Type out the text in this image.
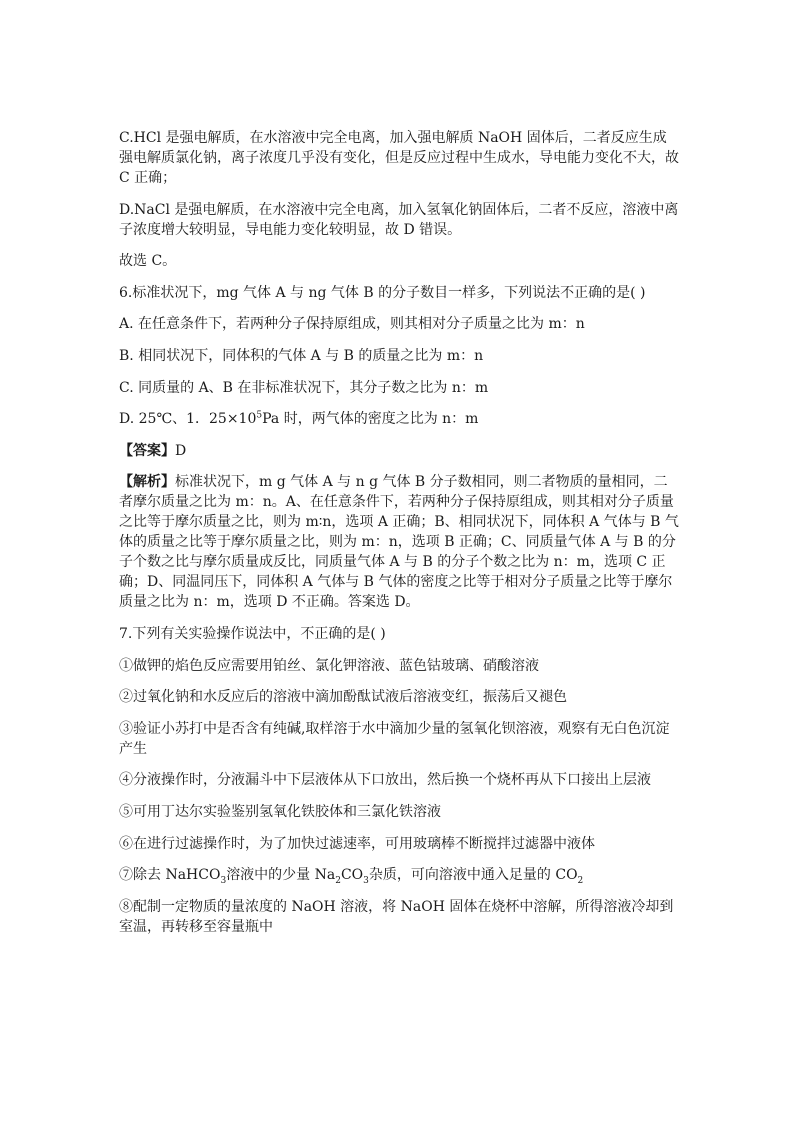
C.HCl 是强电解质，在水溶液中完全电离，加入强电解质 NaOH 固体后，二者反应生成强电解质氯化钠，离子浓度几乎没有变化，但是反应过程中生成水，导电能力变化不大，故 C 正确；

D.NaCl 是强电解质，在水溶液中完全电离，加入氢氧化钠固体后，二者不反应，溶液中离子浓度增大较明显，导电能力变化较明显，故 D 错误。

故选 C。

6.标准状况下，mg 气体 A 与 ng 气体 B 的分子数目一样多，下列说法不正确的是( )

A. 在任意条件下，若两种分子保持原组成，则其相对分子质量之比为 m：n

B. 相同状况下，同体积的气体 A 与 B 的质量之比为 m：n

C. 同质量的 A、B 在非标准状况下，其分子数之比为 n：m

D. 25℃、1．$25\times 10^5Pa$ 时，两气体的密度之比为 n：m

【答案】D

【解析】标准状况下，m g 气体 A 与 n g 气体 B 分子数相同，则二者物质的量相同，二者摩尔质量之比为 m：n。A、在任意条件下，若两种分子保持原组成，则其相对分子质量之比等于摩尔质量之比，则为 m∶n，选项 A 正确；B、相同状况下，同体积 A 气体与 B 气体的质量之比等于摩尔质量之比，则为 m：n，选项 B 正确；C、同质量气体 A 与 B 的分子个数之比与摩尔质量成反比，同质量气体 A 与 B 的分子个数之比为 n：m，选项 C 正确；D、同温同压下，同体积 A 气体与 B 气体的密度之比等于相对分子质量之比等于摩尔质量之比为 n：m，选项 D 不正确。答案选 D。

7.下列有关实验操作说法中，不正确的是( )

①做钾的焰色反应需要用铂丝、氯化钾溶液、蓝色钴玻璃、硝酸溶液

②过氧化钠和水反应后的溶液中滴加酚酞试液后溶液变红，振荡后又褪色

③验证小苏打中是否含有纯碱,取样溶于水中滴加少量的氢氧化钡溶液，观察有无白色沉淀产生

④分液操作时，分液漏斗中下层液体从下口放出，然后换一个烧杯再从下口接出上层液

⑤可用丁达尔实验鉴别氢氧化铁胶体和三氯化铁溶液

⑥在进行过滤操作时，为了加快过滤速率，可用玻璃棒不断搅拌过滤器中液体

⑦除去 NaHCO$_3$溶液中的少量 $Na_2CO_3$杂质，可向溶液中通入足量的 $CO_2$

⑧配制一定物质的量浓度的 NaOH 溶液，将 NaOH 固体在烧杯中溶解，所得溶液冷却到室温，再转移至容量瓶中
